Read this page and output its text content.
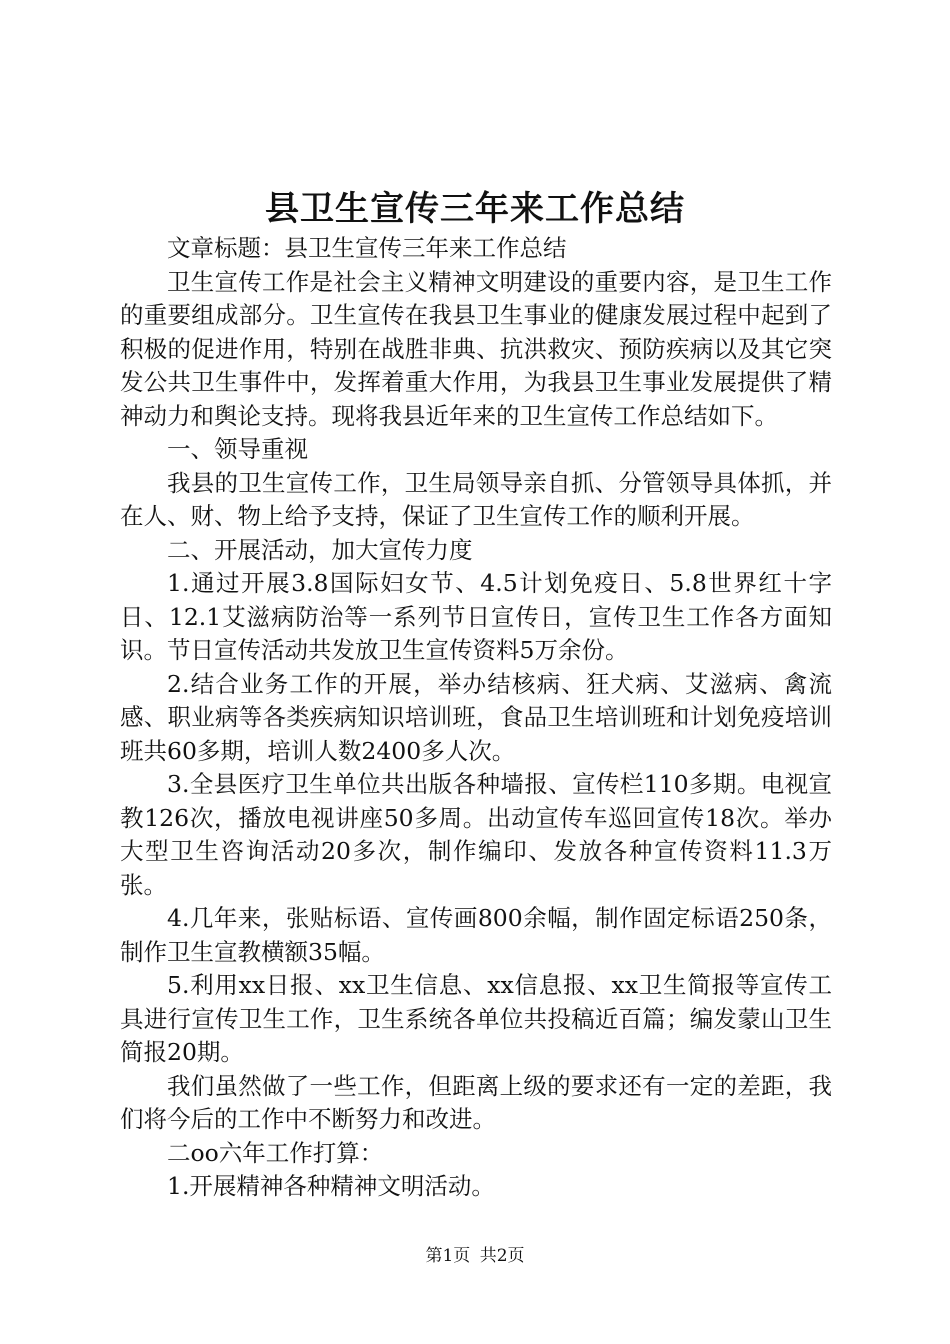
县卫生宣传三年来工作总结

文章标题：县卫生宣传三年来工作总结

卫生宣传工作是社会主义精神文明建设的重要内容，是卫生工作的重要组成部分。卫生宣传在我县卫生事业的健康发展过程中起到了积极的促进作用，特别在战胜非典、抗洪救灾、预防疾病以及其它突发公共卫生事件中，发挥着重大作用，为我县卫生事业发展提供了精神动力和舆论支持。现将我县近年来的卫生宣传工作总结如下。

一、领导重视

我县的卫生宣传工作，卫生局领导亲自抓、分管领导具体抓，并在人、财、物上给予支持，保证了卫生宣传工作的顺利开展。

二、开展活动，加大宣传力度

1.通过开展3.8国际妇女节、4.5计划免疫日、5.8世界红十字日、12.1艾滋病防治等一系列节日宣传日，宣传卫生工作各方面知识。节日宣传活动共发放卫生宣传资料5万余份。

2.结合业务工作的开展，举办结核病、狂犬病、艾滋病、禽流感、职业病等各类疾病知识培训班，食品卫生培训班和计划免疫培训班共60多期，培训人数2400多人次。

3.全县医疗卫生单位共出版各种墙报、宣传栏110多期。电视宣教126次，播放电视讲座50多周。出动宣传车巡回宣传18次。举办大型卫生咨询活动20多次，制作编印、发放各种宣传资料11.3万张。

4.几年来，张贴标语、宣传画800余幅，制作固定标语250条，制作卫生宣教横额35幅。

5.利用xx日报、xx卫生信息、xx信息报、xx卫生简报等宣传工具进行宣传卫生工作，卫生系统各单位共投稿近百篇；编发蒙山卫生简报20期。

我们虽然做了一些工作，但距离上级的要求还有一定的差距，我们将今后的工作中不断努力和改进。

二oo六年工作打算：

1.开展精神各种精神文明活动。

第1页 共2页
